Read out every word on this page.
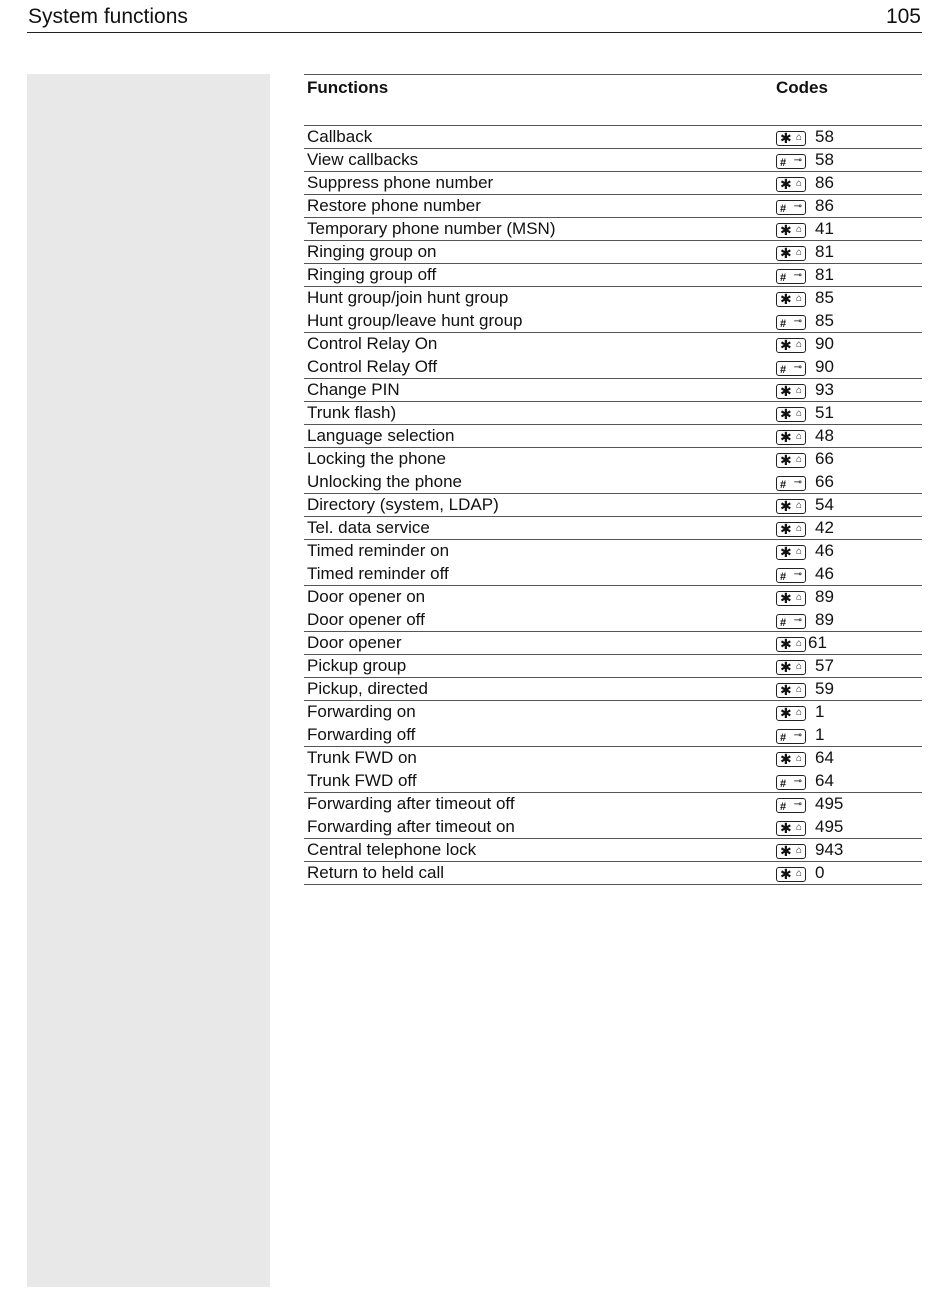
System functions	105
Functions	Codes
Callback	✱ ⌂ 58
View callbacks	# ⊸ 58
Suppress phone number	✱ ⌂ 86
Restore phone number	# ⊸ 86
Temporary phone number (MSN)	✱ ⌂ 41
Ringing group on	✱ ⌂ 81
Ringing group off	# ⊸ 81
Hunt group/join hunt group	✱ ⌂ 85
Hunt group/leave hunt group	# ⊸ 85
Control Relay On	✱ ⌂ 90
Control Relay Off	# ⊸ 90
Change PIN	✱ ⌂ 93
Trunk flash)	✱ ⌂ 51
Language selection	✱ ⌂ 48
Locking the phone	✱ ⌂ 66
Unlocking the phone	# ⊸ 66
Directory (system, LDAP)	✱ ⌂ 54
Tel. data service	✱ ⌂ 42
Timed reminder on	✱ ⌂ 46
Timed reminder off	# ⊸ 46
Door opener on	✱ ⌂ 89
Door opener off	# ⊸ 89
Door opener	✱ ⌂ 61
Pickup group	✱ ⌂ 57
Pickup, directed	✱ ⌂ 59
Forwarding on	✱ ⌂ 1
Forwarding off	# ⊸ 1
Trunk FWD on	✱ ⌂ 64
Trunk FWD off	# ⊸ 64
Forwarding after timeout off	# ⊸ 495
Forwarding after timeout on	✱ ⌂ 495
Central telephone lock	✱ ⌂ 943
Return to held call	✱ ⌂ 0
